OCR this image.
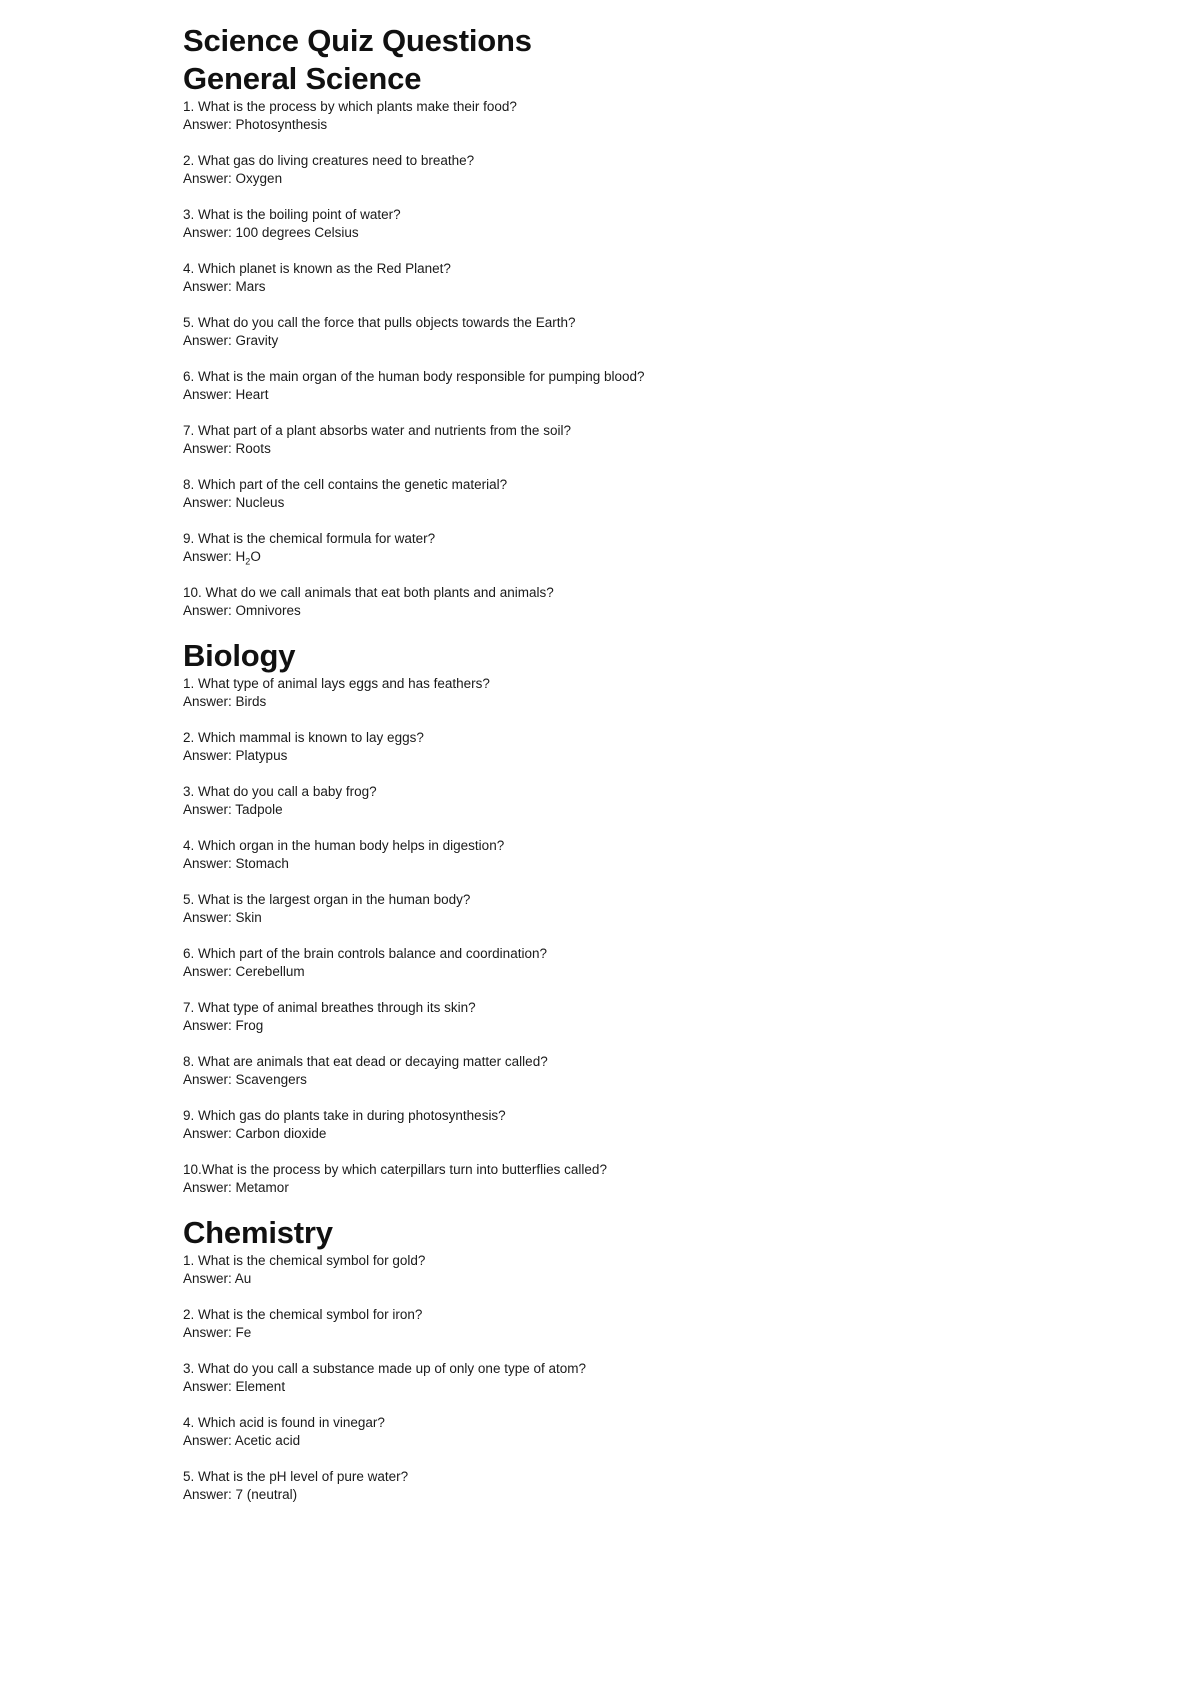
Science Quiz Questions
General Science
1. What is the process by which plants make their food?
Answer: Photosynthesis
2. What gas do living creatures need to breathe?
Answer: Oxygen
3. What is the boiling point of water?
Answer: 100 degrees Celsius
4. Which planet is known as the Red Planet?
Answer: Mars
5. What do you call the force that pulls objects towards the Earth?
Answer: Gravity
6. What is the main organ of the human body responsible for pumping blood?
Answer: Heart
7. What part of a plant absorbs water and nutrients from the soil?
Answer: Roots
8. Which part of the cell contains the genetic material?
Answer: Nucleus
9. What is the chemical formula for water?
Answer: $H_2O$
10. What do we call animals that eat both plants and animals?
Answer: Omnivores
Biology
1. What type of animal lays eggs and has feathers?
Answer: Birds
2. Which mammal is known to lay eggs?
Answer: Platypus
3. What do you call a baby frog?
Answer: Tadpole
4. Which organ in the human body helps in digestion?
Answer: Stomach
5. What is the largest organ in the human body?
Answer: Skin
6. Which part of the brain controls balance and coordination?
Answer: Cerebellum
7. What type of animal breathes through its skin?
Answer: Frog
8. What are animals that eat dead or decaying matter called?
Answer: Scavengers
9. Which gas do plants take in during photosynthesis?
Answer: Carbon dioxide
10.What is the process by which caterpillars turn into butterflies called?
Answer: Metamor
Chemistry
1. What is the chemical symbol for gold?
Answer: Au
2. What is the chemical symbol for iron?
Answer: Fe
3. What do you call a substance made up of only one type of atom?
Answer: Element
4. Which acid is found in vinegar?
Answer: Acetic acid
5. What is the pH level of pure water?
Answer: 7 (neutral)
